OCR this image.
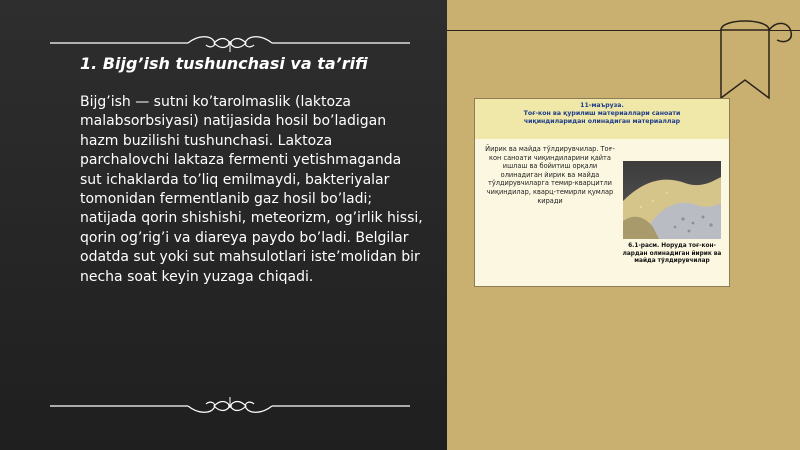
1. Bijg’ish tushunchasi va ta’rifi
Bijg’ish — sutni ko’tarolmaslik (laktoza malabsorbsiyasi) natijasida hosil bo’ladigan hazm buzilishi tushunchasi. Laktoza parchalovchi laktaza fermenti yetishmaganda sut ichaklarda to’liq emilmaydi, bakteriyalar tomonidan fermentlanib gaz hosil bo’ladi; natijada qorin shishishi, meteorizm, og’irlik hissi, qorin og’rig’i va diareya paydo bo’ladi. Belgilar odatda sut yoki sut mahsulotlari iste’molidan bir necha soat keyin yuzaga chiqadi.
11-маъруза.
Тоғ-кон ва қурилиш материаллари саноати
чиқиндиларидан олинадиган материаллар
Йирик ва майда тўлдирувчилар. Тоғ-кон саноати чиқиндиларини қайта ишлаш ва бойитиш орқали олинадиган йирик ва майда тўлдирувчиларга темир-кварцитли чиқиндилар, кварц-темирли қумлар киради
6.1-расм. Норуда тоғ-кон-лардан олинадиган йирик ва майда тўлдирувчилар
